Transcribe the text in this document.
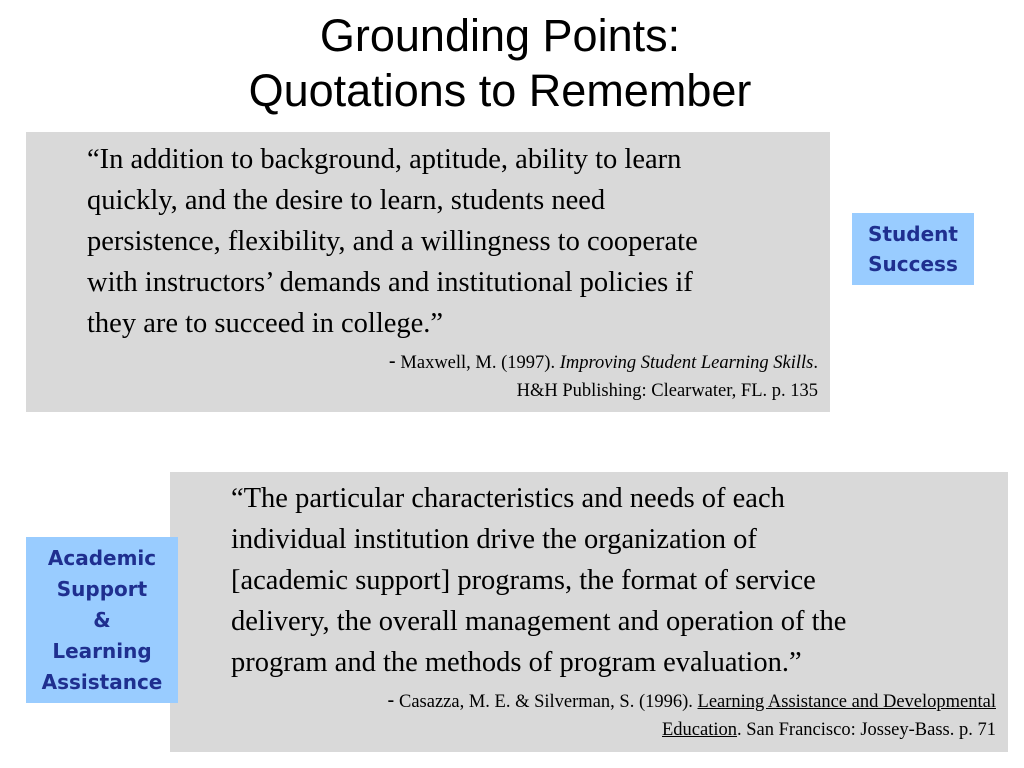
Grounding Points:
Quotations to Remember
“In addition to background, aptitude, ability to learn
quickly, and the desire to learn, students need
persistence, flexibility, and a willingness to cooperate
with instructors’ demands and institutional policies if
they are to succeed in college.”
- Maxwell, M. (1997). Improving Student Learning Skills.
H&H Publishing: Clearwater, FL. p. 135
Student
Success
“The particular characteristics and needs of each
individual institution drive the organization of
[academic support] programs, the format of service
delivery, the overall management and operation of the
program and the methods of program evaluation.”
- Casazza, M. E. & Silverman, S. (1996). Learning Assistance and Developmental
Education. San Francisco: Jossey-Bass. p. 71
Academic
Support
&
Learning
Assistance
